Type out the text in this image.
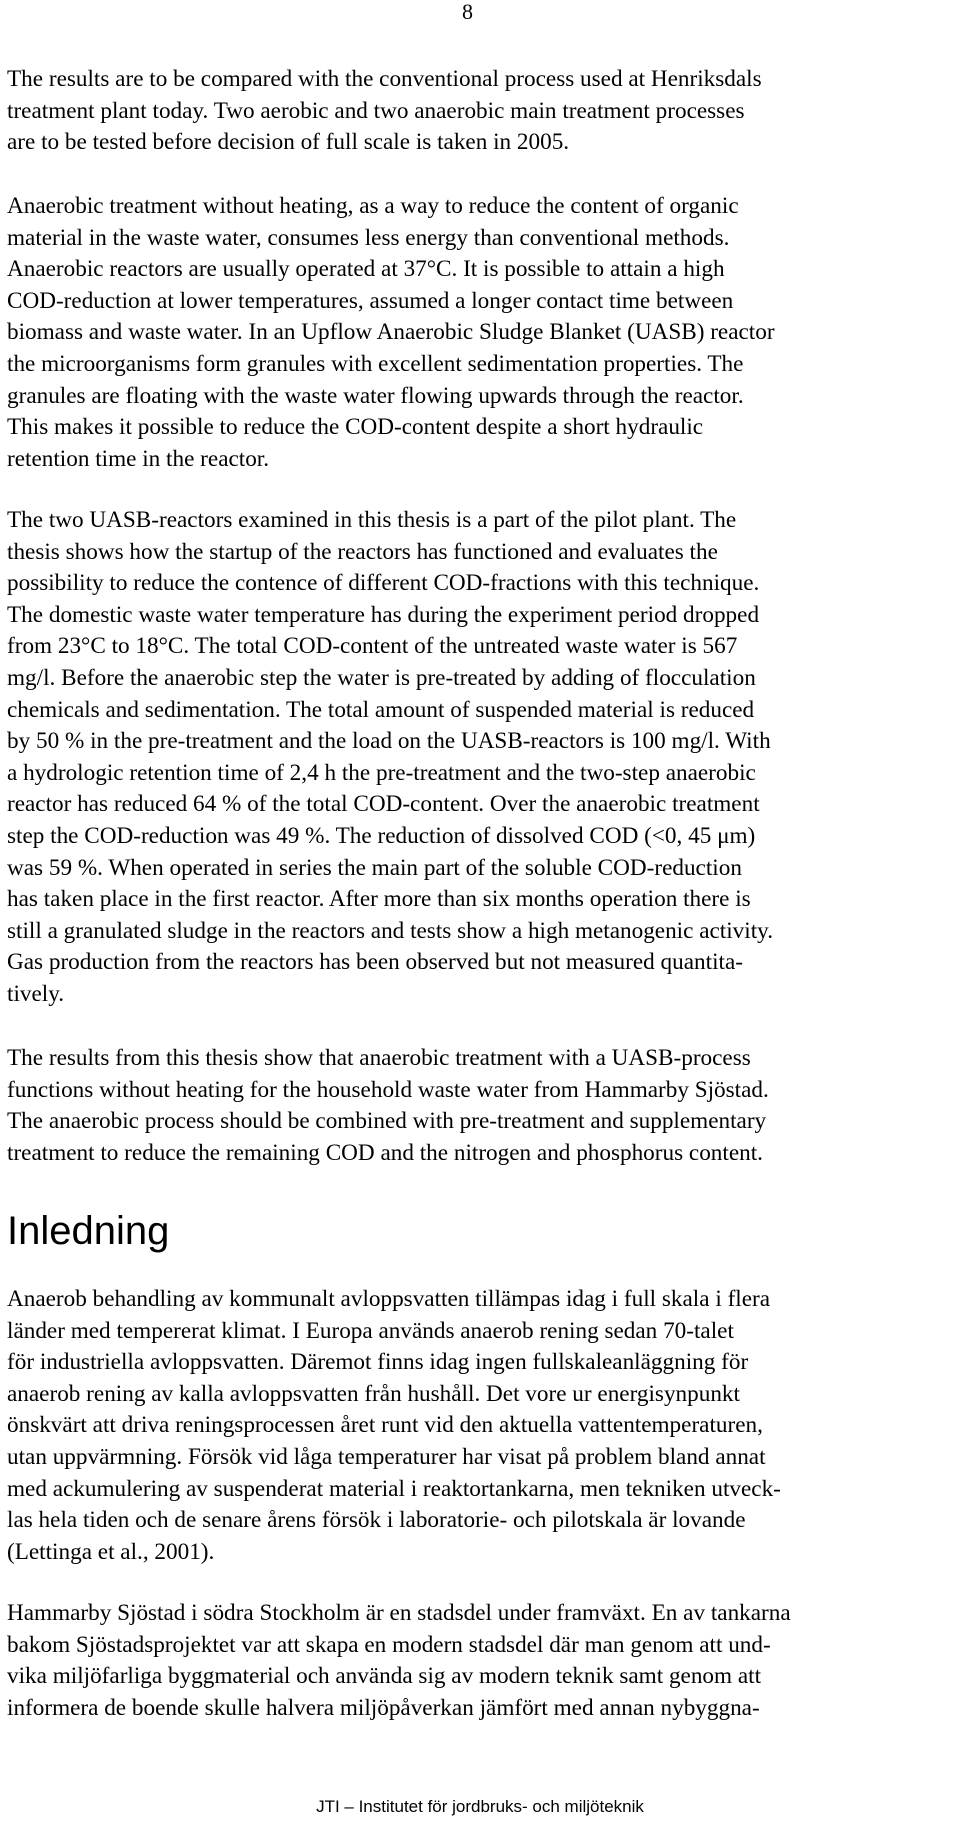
8
The results are to be compared with the conventional process used at Henriksdals
treatment plant today. Two aerobic and two anaerobic main treatment processes
are to be tested before decision of full scale is taken in 2005.
Anaerobic treatment without heating, as a way to reduce the content of organic
material in the waste water, consumes less energy than conventional methods.
Anaerobic reactors are usually operated at 37°C. It is possible to attain a high
COD-reduction at lower temperatures, assumed a longer contact time between
biomass and waste water. In an Upflow Anaerobic Sludge Blanket (UASB) reactor
the microorganisms form granules with excellent sedimentation properties. The
granules are floating with the waste water flowing upwards through the reactor.
This makes it possible to reduce the COD-content despite a short hydraulic
retention time in the reactor.
The two UASB-reactors examined in this thesis is a part of the pilot plant. The
thesis shows how the startup of the reactors has functioned and evaluates the
possibility to reduce the contence of different COD-fractions with this technique.
The domestic waste water temperature has during the experiment period dropped
from 23°C to 18°C. The total COD-content of the untreated waste water is 567
mg/l. Before the anaerobic step the water is pre-treated by adding of flocculation
chemicals and sedimentation. The total amount of suspended material is reduced
by 50 % in the pre-treatment and the load on the UASB-reactors is 100 mg/l. With
a hydrologic retention time of 2,4 h the pre-treatment and the two-step anaerobic
reactor has reduced 64 % of the total COD-content. Over the anaerobic treatment
step the COD-reduction was 49 %. The reduction of dissolved COD (<0, 45 μm)
was 59 %. When operated in series the main part of the soluble COD-reduction
has taken place in the first reactor. After more than six months operation there is
still a granulated sludge in the reactors and tests show a high metanogenic activity.
Gas production from the reactors has been observed but not measured quantita-
tively.
The results from this thesis show that anaerobic treatment with a UASB-process
functions without heating for the household waste water from Hammarby Sjöstad.
The anaerobic process should be combined with pre-treatment and supplementary
treatment to reduce the remaining COD and the nitrogen and phosphorus content.
Inledning
Anaerob behandling av kommunalt avloppsvatten tillämpas idag i full skala i flera
länder med tempererat klimat. I Europa används anaerob rening sedan 70-talet
för industriella avloppsvatten. Däremot finns idag ingen fullskaleanläggning för
anaerob rening av kalla avloppsvatten från hushåll. Det vore ur energisynpunkt
önskvärt att driva reningsprocessen året runt vid den aktuella vattentemperaturen,
utan uppvärmning. Försök vid låga temperaturer har visat på problem bland annat
med ackumulering av suspenderat material i reaktortankarna, men tekniken utveck-
las hela tiden och de senare årens försök i laboratorie- och pilotskala är lovande
(Lettinga et al., 2001).
Hammarby Sjöstad i södra Stockholm är en stadsdel under framväxt. En av tankarna
bakom Sjöstadsprojektet var att skapa en modern stadsdel där man genom att und-
vika miljöfarliga byggmaterial och använda sig av modern teknik samt genom att
informera de boende skulle halvera miljöpåverkan jämfört med annan nybyggna-
JTI – Institutet för jordbruks- och miljöteknik
